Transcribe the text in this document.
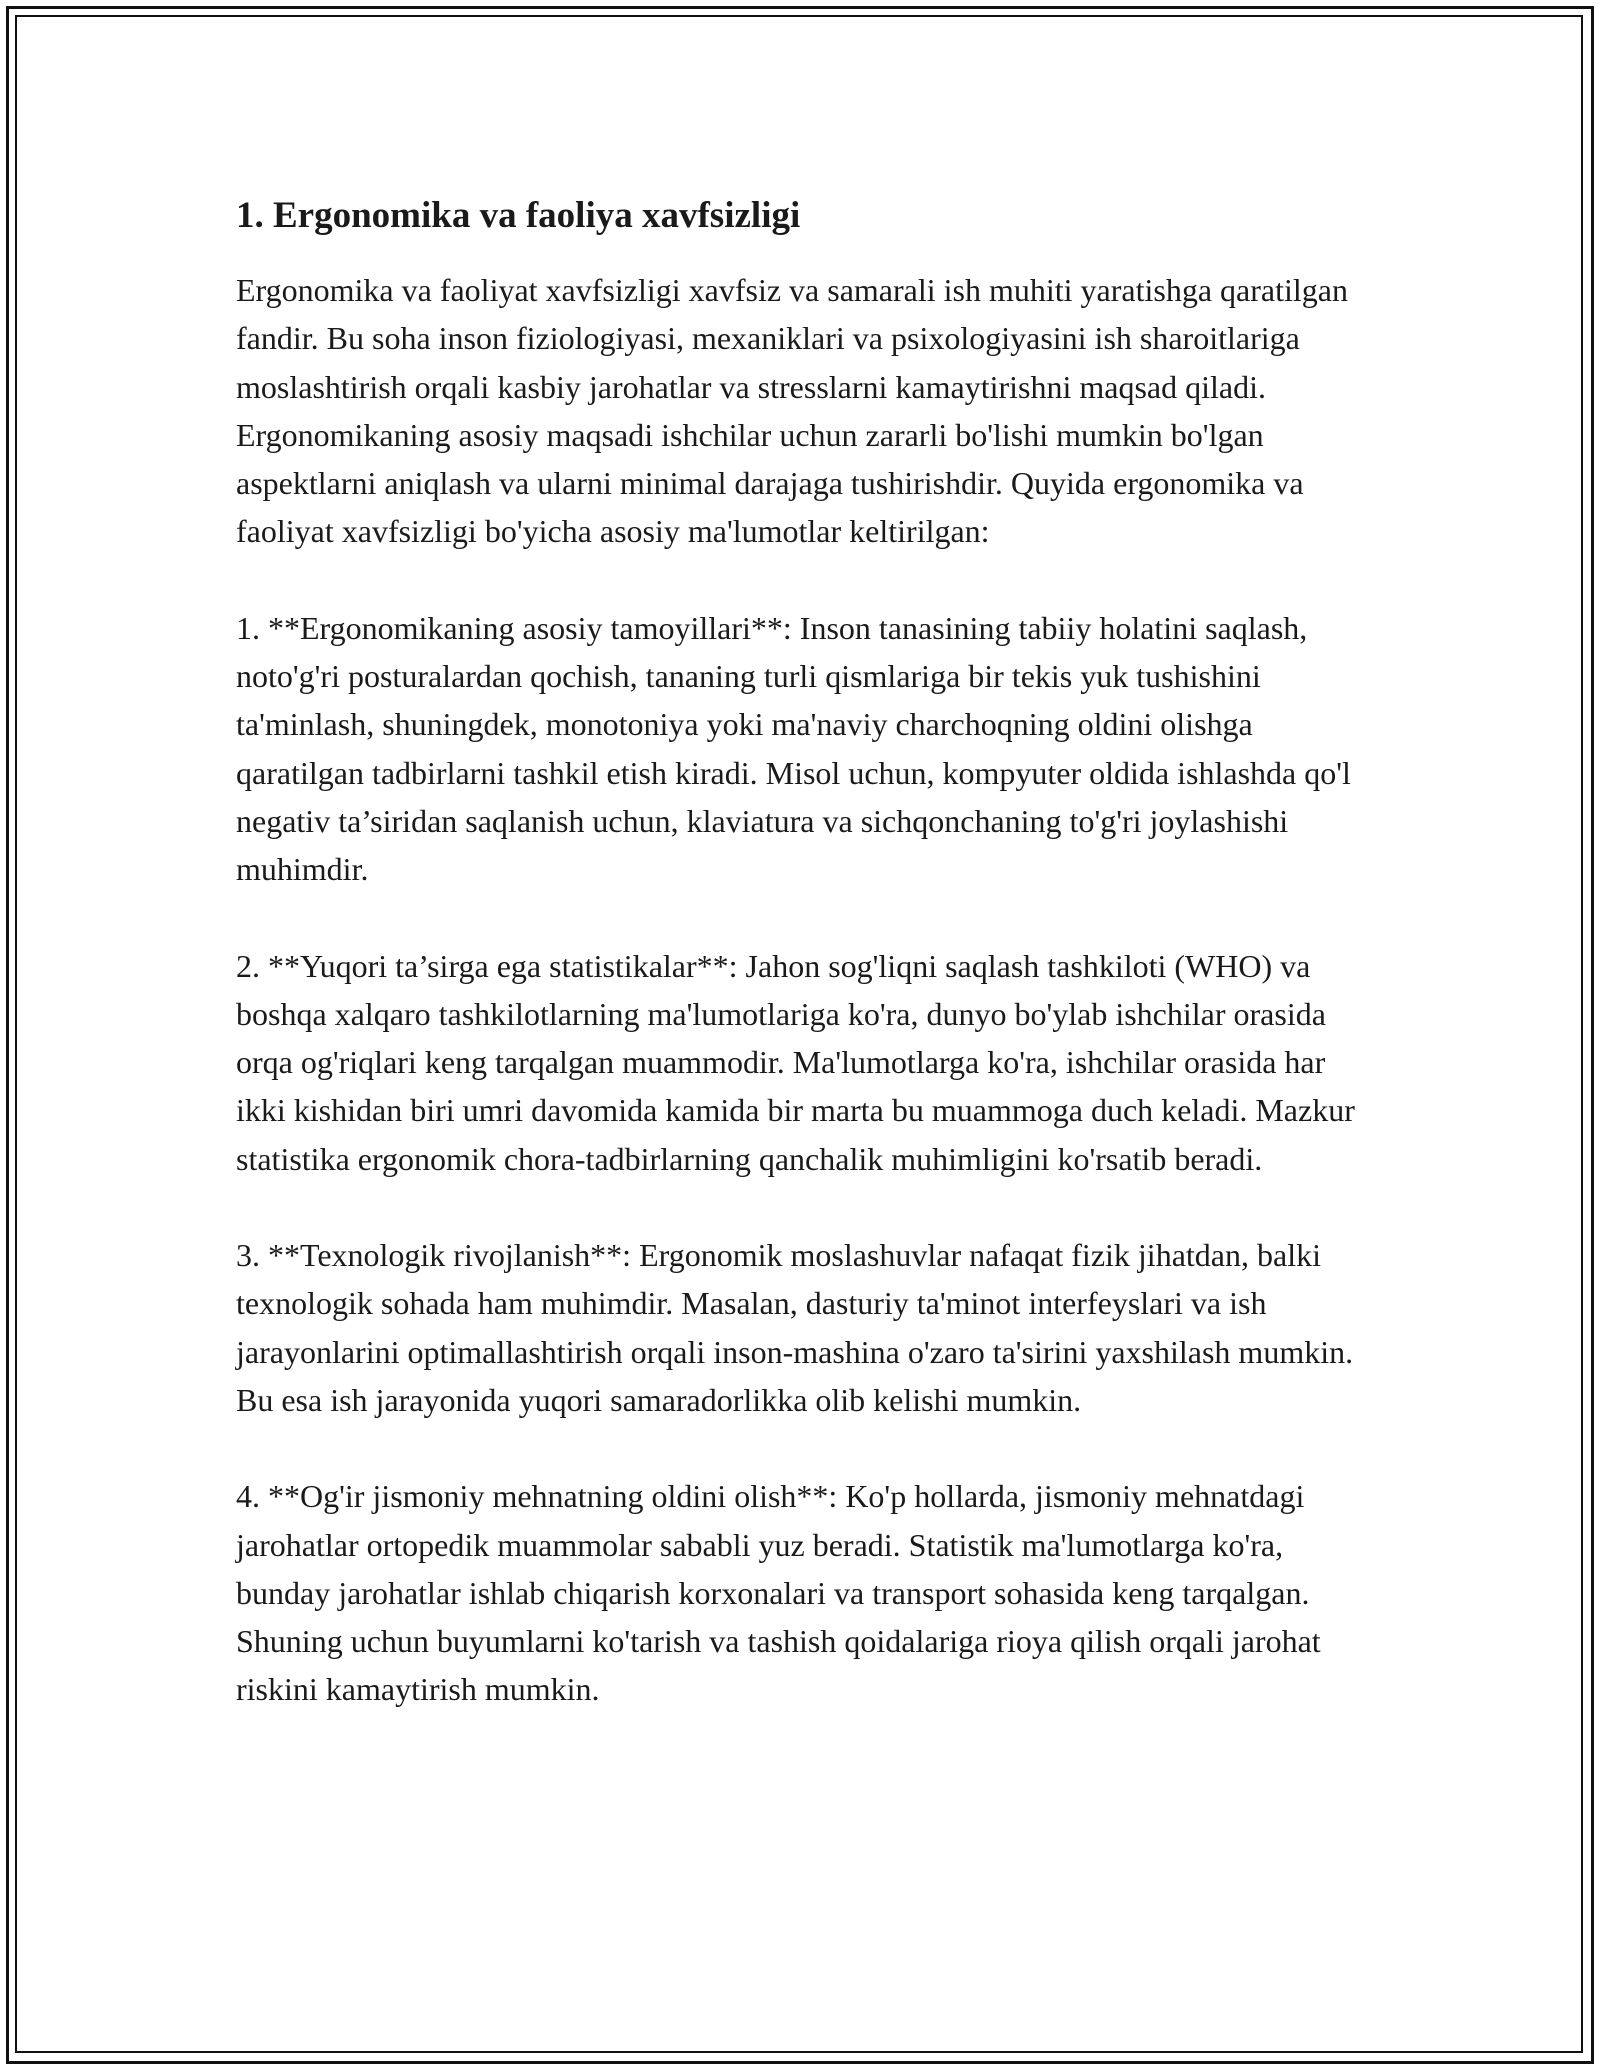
1. Ergonomika va faoliya xavfsizligi

Ergonomika va faoliyat xavfsizligi xavfsiz va samarali ish muhiti yaratishga qaratilgan fandir. Bu soha inson fiziologiyasi, mexaniklari va psixologiyasini ish sharoitlariga moslashtirish orqali kasbiy jarohatlar va stresslarni kamaytirishni maqsad qiladi. Ergonomikaning asosiy maqsadi ishchilar uchun zararli bo'lishi mumkin bo'lgan aspektlarni aniqlash va ularni minimal darajaga tushirishdir. Quyida ergonomika va faoliyat xavfsizligi bo'yicha asosiy ma'lumotlar keltirilgan:

1. **Ergonomikaning asosiy tamoyillari**: Inson tanasining tabiiy holatini saqlash, noto'g'ri posturalardan qochish, tananing turli qismlariga bir tekis yuk tushishini ta'minlash, shuningdek, monotoniya yoki ma'naviy charchoqning oldini olishga qaratilgan tadbirlarni tashkil etish kiradi. Misol uchun, kompyuter oldida ishlashda qo'l negativ ta’siridan saqlanish uchun, klaviatura va sichqonchaning to'g'ri joylashishi muhimdir.

2. **Yuqori ta’sirga ega statistikalar**: Jahon sog'liqni saqlash tashkiloti (WHO) va boshqa xalqaro tashkilotlarning ma'lumotlariga ko'ra, dunyo bo'ylab ishchilar orasida orqa og'riqlari keng tarqalgan muammodir. Ma'lumotlarga ko'ra, ishchilar orasida har ikki kishidan biri umri davomida kamida bir marta bu muammoga duch keladi. Mazkur statistika ergonomik chora-tadbirlarning qanchalik muhimligini ko'rsatib beradi.

3. **Texnologik rivojlanish**: Ergonomik moslashuvlar nafaqat fizik jihatdan, balki texnologik sohada ham muhimdir. Masalan, dasturiy ta'minot interfeyslari va ish jarayonlarini optimallashtirish orqali inson-mashina o'zaro ta'sirini yaxshilash mumkin. Bu esa ish jarayonida yuqori samaradorlikka olib kelishi mumkin.

4. **Og'ir jismoniy mehnatning oldini olish**: Ko'p hollarda, jismoniy mehnatdagi jarohatlar ortopedik muammolar sababli yuz beradi. Statistik ma'lumotlarga ko'ra, bunday jarohatlar ishlab chiqarish korxonalari va transport sohasida keng tarqalgan. Shuning uchun buyumlarni ko'tarish va tashish qoidalariga rioya qilish orqali jarohat riskini kamaytirish mumkin.
